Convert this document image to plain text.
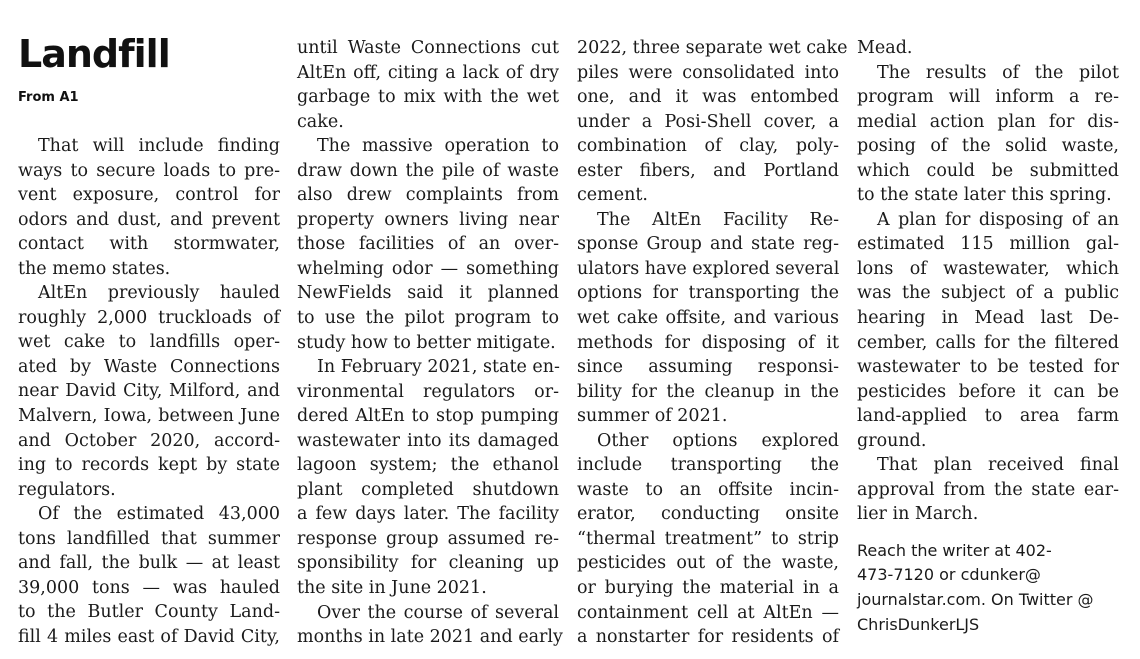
Landfill
From A1
That will include finding
ways to secure loads to pre-
vent exposure, control for
odors and dust, and prevent
contact with stormwater,
the memo states.
AltEn previously hauled
roughly 2,000 truckloads of
wet cake to landfills oper-
ated by Waste Connections
near David City, Milford, and
Malvern, Iowa, between June
and October 2020, accord-
ing to records kept by state
regulators.
Of the estimated 43,000
tons landfilled that summer
and fall, the bulk — at least
39,000 tons — was hauled
to the Butler County Land-
fill 4 miles east of David City,
until Waste Connections cut
AltEn off, citing a lack of dry
garbage to mix with the wet
cake.
The massive operation to
draw down the pile of waste
also drew complaints from
property owners living near
those facilities of an over-
whelming odor — something
NewFields said it planned
to use the pilot program to
study how to better mitigate.
In February 2021, state en-
vironmental regulators or-
dered AltEn to stop pumping
wastewater into its damaged
lagoon system; the ethanol
plant completed shutdown
a few days later. The facility
response group assumed re-
sponsibility for cleaning up
the site in June 2021.
Over the course of several
months in late 2021 and early
2022, three separate wet cake
piles were consolidated into
one, and it was entombed
under a Posi-Shell cover, a
combination of clay, poly-
ester fibers, and Portland
cement.
The AltEn Facility Re-
sponse Group and state reg-
ulators have explored several
options for transporting the
wet cake offsite, and various
methods for disposing of it
since assuming responsi-
bility for the cleanup in the
summer of 2021.
Other options explored
include transporting the
waste to an offsite incin-
erator, conducting onsite
“thermal treatment” to strip
pesticides out of the waste,
or burying the material in a
containment cell at AltEn —
a nonstarter for residents of
Mead.
The results of the pilot
program will inform a re-
medial action plan for dis-
posing of the solid waste,
which could be submitted
to the state later this spring.
A plan for disposing of an
estimated 115 million gal-
lons of wastewater, which
was the subject of a public
hearing in Mead last De-
cember, calls for the filtered
wastewater to be tested for
pesticides before it can be
land-applied to area farm
ground.
That plan received final
approval from the state ear-
lier in March.
Reach the writer at 402-
473-7120 or cdunker@
journalstar.com. On Twitter @
ChrisDunkerLJS
